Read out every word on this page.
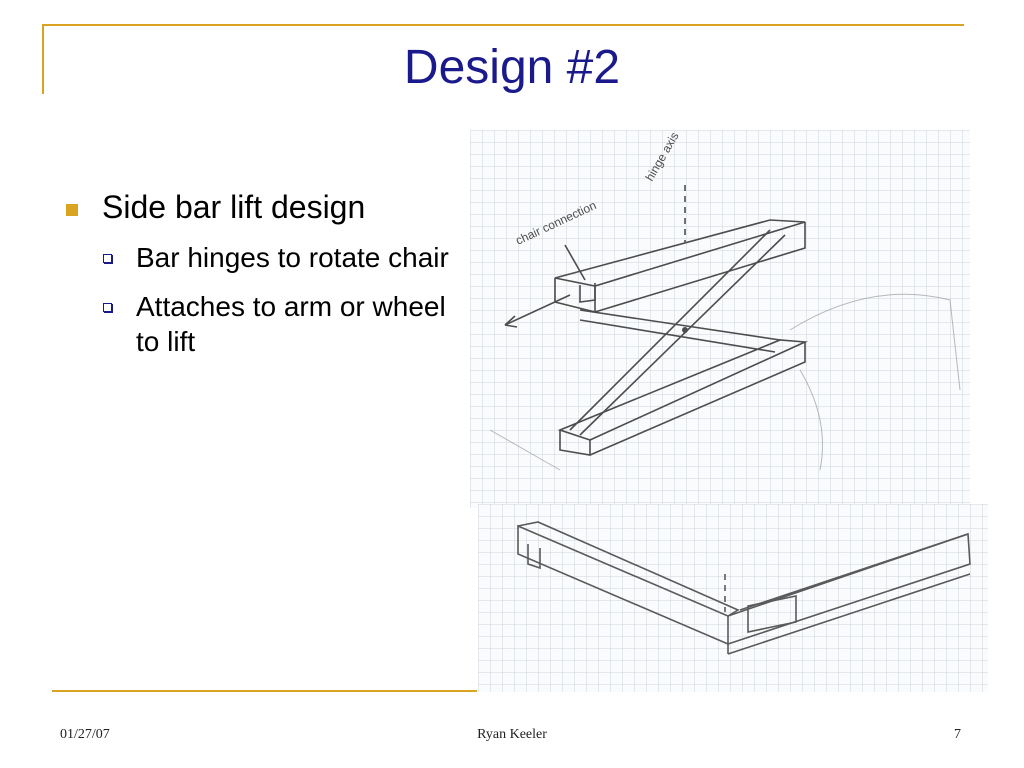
Design #2
Side bar lift design
Bar hinges to rotate chair
Attaches to arm or wheel to lift
chair connection
hinge axis
01/27/07	Ryan Keeler	7
